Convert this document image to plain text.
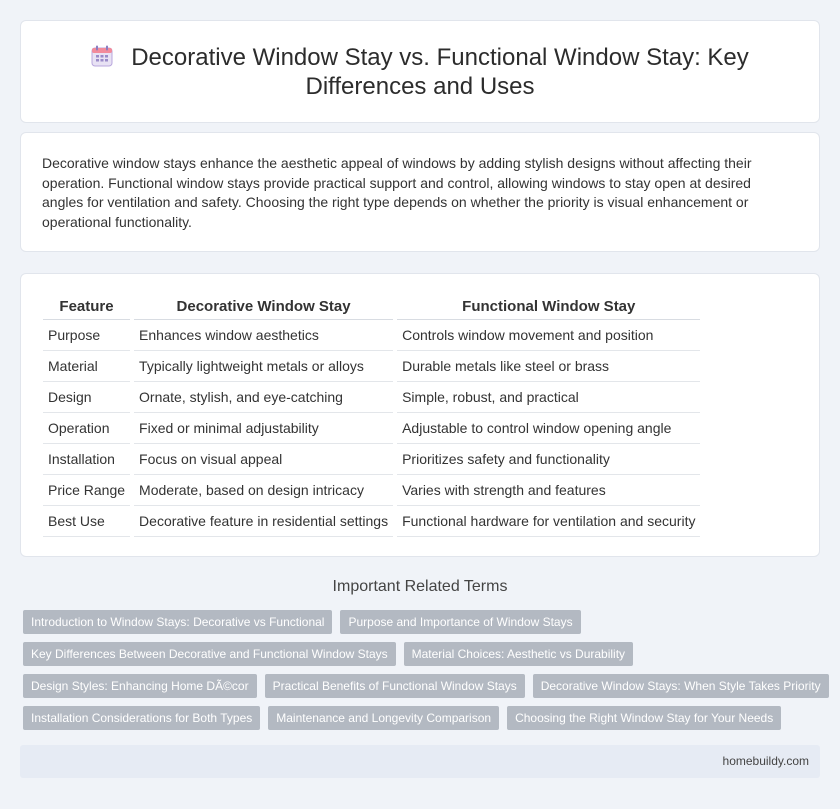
Decorative Window Stay vs. Functional Window Stay: Key
Differences and Uses

Decorative window stays enhance the aesthetic appeal of windows by adding stylish designs without affecting their operation. Functional window stays provide practical support and control, allowing windows to stay open at desired angles for ventilation and safety. Choosing the right type depends on whether the priority is visual enhancement or operational functionality.

Feature		Decorative Window Stay		Functional Window Stay
Purpose		Enhances window aesthetics		Controls window movement and position
Material		Typically lightweight metals or alloys		Durable metals like steel or brass
Design		Ornate, stylish, and eye-catching		Simple, robust, and practical
Operation		Fixed or minimal adjustability		Adjustable to control window opening angle
Installation		Focus on visual appeal		Prioritizes safety and functionality
Price Range		Moderate, based on design intricacy		Varies with strength and features
Best Use		Decorative feature in residential settings		Functional hardware for ventilation and security
Important Related Terms
Introduction to Window Stays: Decorative vs Functional	Purpose and Importance of Window Stays
Key Differences Between Decorative and Functional Window Stays	Material Choices: Aesthetic vs Durability
Design Styles: Enhancing Home DÃ©cor	Practical Benefits of Functional Window Stays	Decorative Window Stays: When Style Takes Priority
Installation Considerations for Both Types	Maintenance and Longevity Comparison	Choosing the Right Window Stay for Your Needs
homebuildy.com
